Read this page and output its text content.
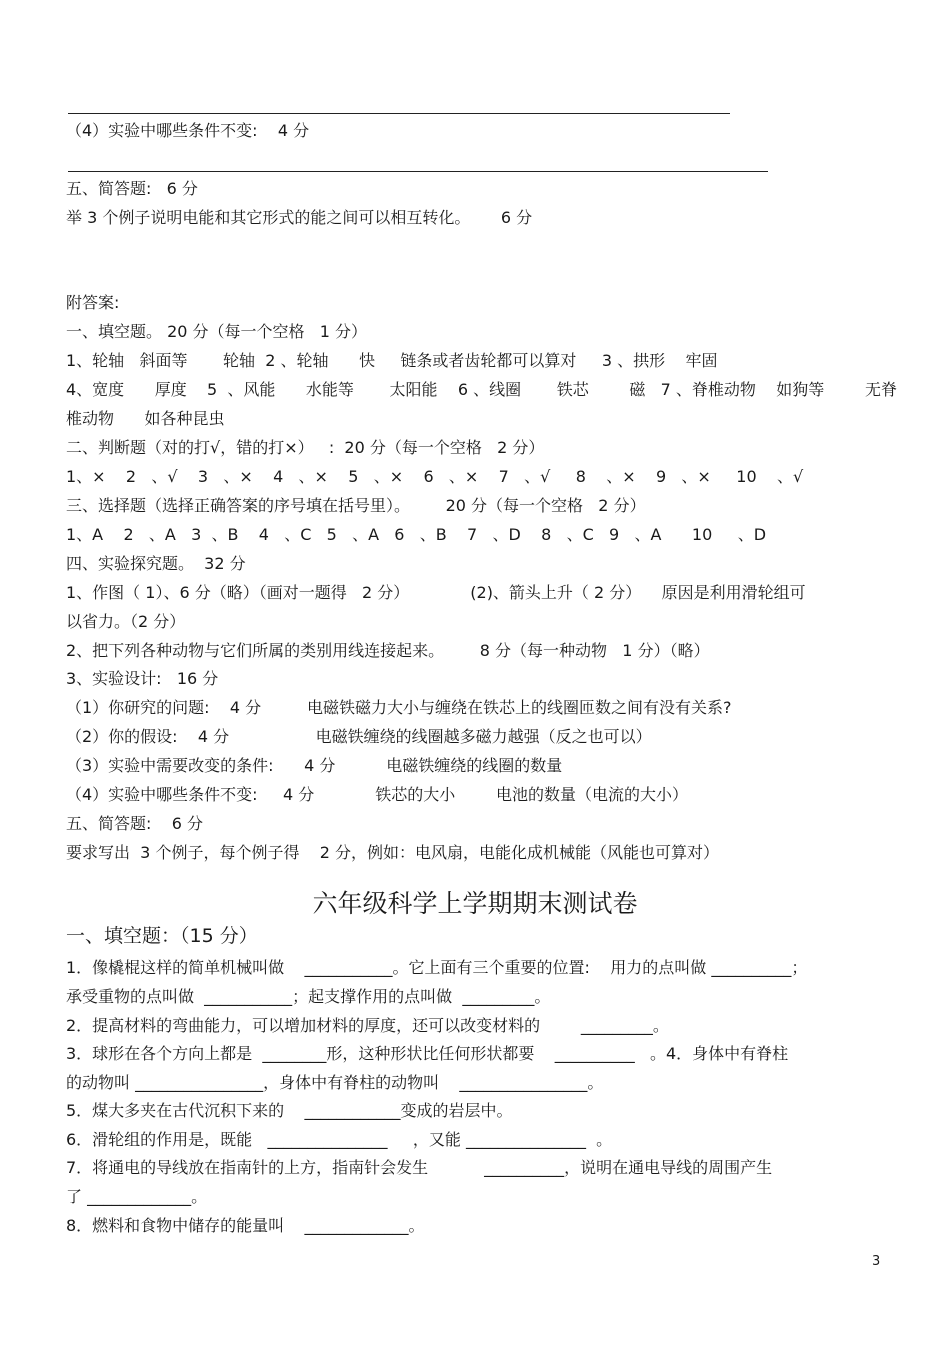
（4）实验中哪些条件不变:    4 分
五、简答题:   6 分
举 3 个例子说明电能和其它形式的能之间可以相互转化。      6 分
附答案:
一、填空题。 20 分（每一个空格   1 分）
1、轮轴   斜面等       轮轴  2 、轮轴      快     链条或者齿轮都可以算对     3 、拱形    牢固
4、宽度      厚度    5  、风能      水能等       太阳能    6 、线圈       铁芯        磁   7 、脊椎动物    如狗等        无脊
椎动物      如各种昆虫
二、判断题（对的打√，错的打×）   :  20 分（每一个空格   2 分）
1、×    2   、√    3   、×    4   、×    5   、×    6   、×    7   、√     8    、×    9   、×     10    、√
三、选择题（选择正确答案的序号填在括号里）。       20 分（每一个空格   2 分）
1、A    2   、A   3  、B    4   、C   5   、A   6   、B    7   、D    8   、C   9   、A      10     、D
四、实验探究题。  32 分
1、作图（ 1）、6 分（略）（画对一题得   2 分）            (2)、箭头上升（ 2 分）    原因是利用滑轮组可
以省力。（2 分）
2、把下列各种动物与它们所属的类别用线连接起来。       8 分（每一种动物   1 分）（略）
3、实验设计:   16 分
（1）你研究的问题:    4 分         电磁铁磁力大小与缠绕在铁芯上的线圈匝数之间有没有关系?
（2）你的假设:    4 分                 电磁铁缠绕的线圈越多磁力越强（反之也可以）
（3）实验中需要改变的条件:      4 分          电磁铁缠绕的线圈的数量
（4）实验中哪些条件不变:     4 分            铁芯的大小        电池的数量（电流的大小）
五、简答题:    6 分
要求写出  3 个例子，每个例子得    2 分，例如：电风扇，电能化成机械能（风能也可算对）
六年级科学上学期期末测试卷
一、填空题：（15 分）
1．像橇棍这样的简单机械叫做    ___________。它上面有三个重要的位置:    用力的点叫做 __________；
承受重物的点叫做  ___________；起支撑作用的点叫做  _________。
2．提高材料的弯曲能力，可以增加材料的厚度，还可以改变材料的        _________。
3．球形在各个方向上都是  ________形，这种形状比任何形状都要    __________   。4．身体中有脊柱
的动物叫 ________________，身体中有脊柱的动物叫    ________________。
5．煤大多夹在古代沉积下来的    ____________变成的岩层中。
6．滑轮组的作用是，既能   _______________     ，又能 _______________  。
7．将通电的导线放在指南针的上方，指南针会发生           __________，说明在通电导线的周围产生
了 _____________。
8．燃料和食物中储存的能量叫    _____________。
3
